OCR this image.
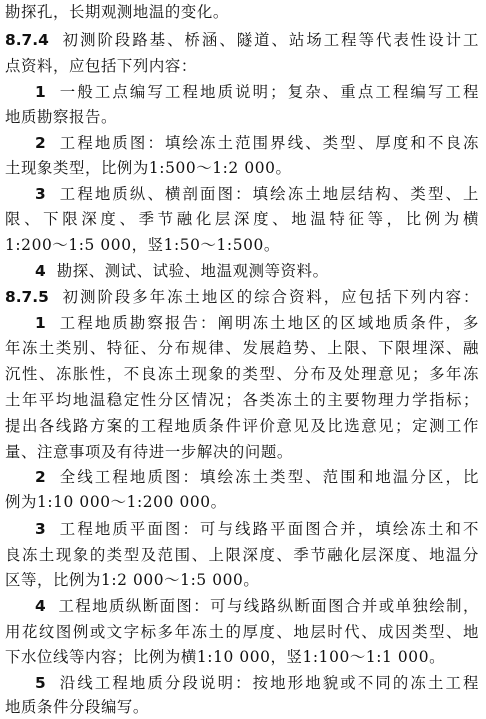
勘探孔，长期观测地温的变化。
8.7.4 初测阶段路基、桥涵、隧道、站场工程等代表性设计工
点资料，应包括下列内容：
1 一般工点编写工程地质说明；复杂、重点工程编写工程
地质勘察报告。
2 工程地质图：填绘冻土范围界线、类型、厚度和不良冻
土现象类型，比例为1:500～1:2 000。
3 工程地质纵、横剖面图：填绘冻土地层结构、类型、上
限、下限深度、季节融化层深度、地温特征等，比例为横
1:200～1:5 000，竖1:50～1:500。
4 勘探、测试、试验、地温观测等资料。
8.7.5 初测阶段多年冻土地区的综合资料，应包括下列内容：
1 工程地质勘察报告：阐明冻土地区的区域地质条件，多
年冻土类别、特征、分布规律、发展趋势、上限、下限埋深、融
沉性、冻胀性，不良冻土现象的类型、分布及处理意见；多年冻
土年平均地温稳定性分区情况；各类冻土的主要物理力学指标；
提出各线路方案的工程地质条件评价意见及比选意见；定测工作
量、注意事项及有待进一步解决的问题。
2 全线工程地质图：填绘冻土类型、范围和地温分区，比
例为1:10 000～1:200 000。
3 工程地质平面图：可与线路平面图合并，填绘冻土和不
良冻土现象的类型及范围、上限深度、季节融化层深度、地温分
区等，比例为1:2 000～1:5 000。
4 工程地质纵断面图：可与线路纵断面图合并或单独绘制，
用花纹图例或文字标多年冻土的厚度、地层时代、成因类型、地
下水位线等内容；比例为横1:10 000，竖1:100～1:1 000。
5 沿线工程地质分段说明：按地形地貌或不同的冻土工程
地质条件分段编写。
